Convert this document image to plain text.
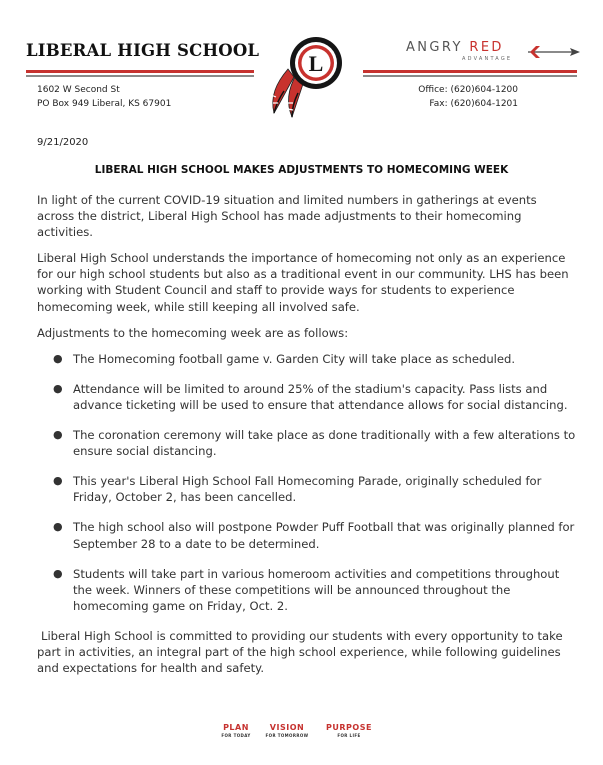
LIBERAL HIGH SCHOOL
L
ANGRY RED
ADVANTAGE
1602 W Second St
PO Box 949 Liberal, KS 67901
Office: (620)604-1200
Fax: (620)604-1201
9/21/2020
LIBERAL HIGH SCHOOL MAKES ADJUSTMENTS TO HOMECOMING WEEK

In light of the current COVID-19 situation and limited numbers in gatherings at events across the district, Liberal High School has made adjustments to their homecoming activities.

Liberal High School understands the importance of homecoming not only as an experience for our high school students but also as a traditional event in our community. LHS has been working with Student Council and staff to provide ways for students to experience homecoming week, while still keeping all involved safe.

Adjustments to the homecoming week are as follows:

● The Homecoming football game v. Garden City will take place as scheduled.
● Attendance will be limited to around 25% of the stadium's capacity. Pass lists and advance ticketing will be used to ensure that attendance allows for social distancing.
● The coronation ceremony will take place as done traditionally with a few alterations to ensure social distancing.
● This year's Liberal High School Fall Homecoming Parade, originally scheduled for Friday, October 2, has been cancelled.
● The high school also will postpone Powder Puff Football that was originally planned for September 28 to a date to be determined.
● Students will take part in various homeroom activities and competitions throughout the week. Winners of these competitions will be announced throughout the homecoming game on Friday, Oct. 2.

Liberal High School is committed to providing our students with every opportunity to take part in activities, an integral part of the high school experience, while following guidelines and expectations for health and safety.

PLAN
FOR TODAY
VISION
FOR TOMORROW
PURPOSE
FOR LIFE
